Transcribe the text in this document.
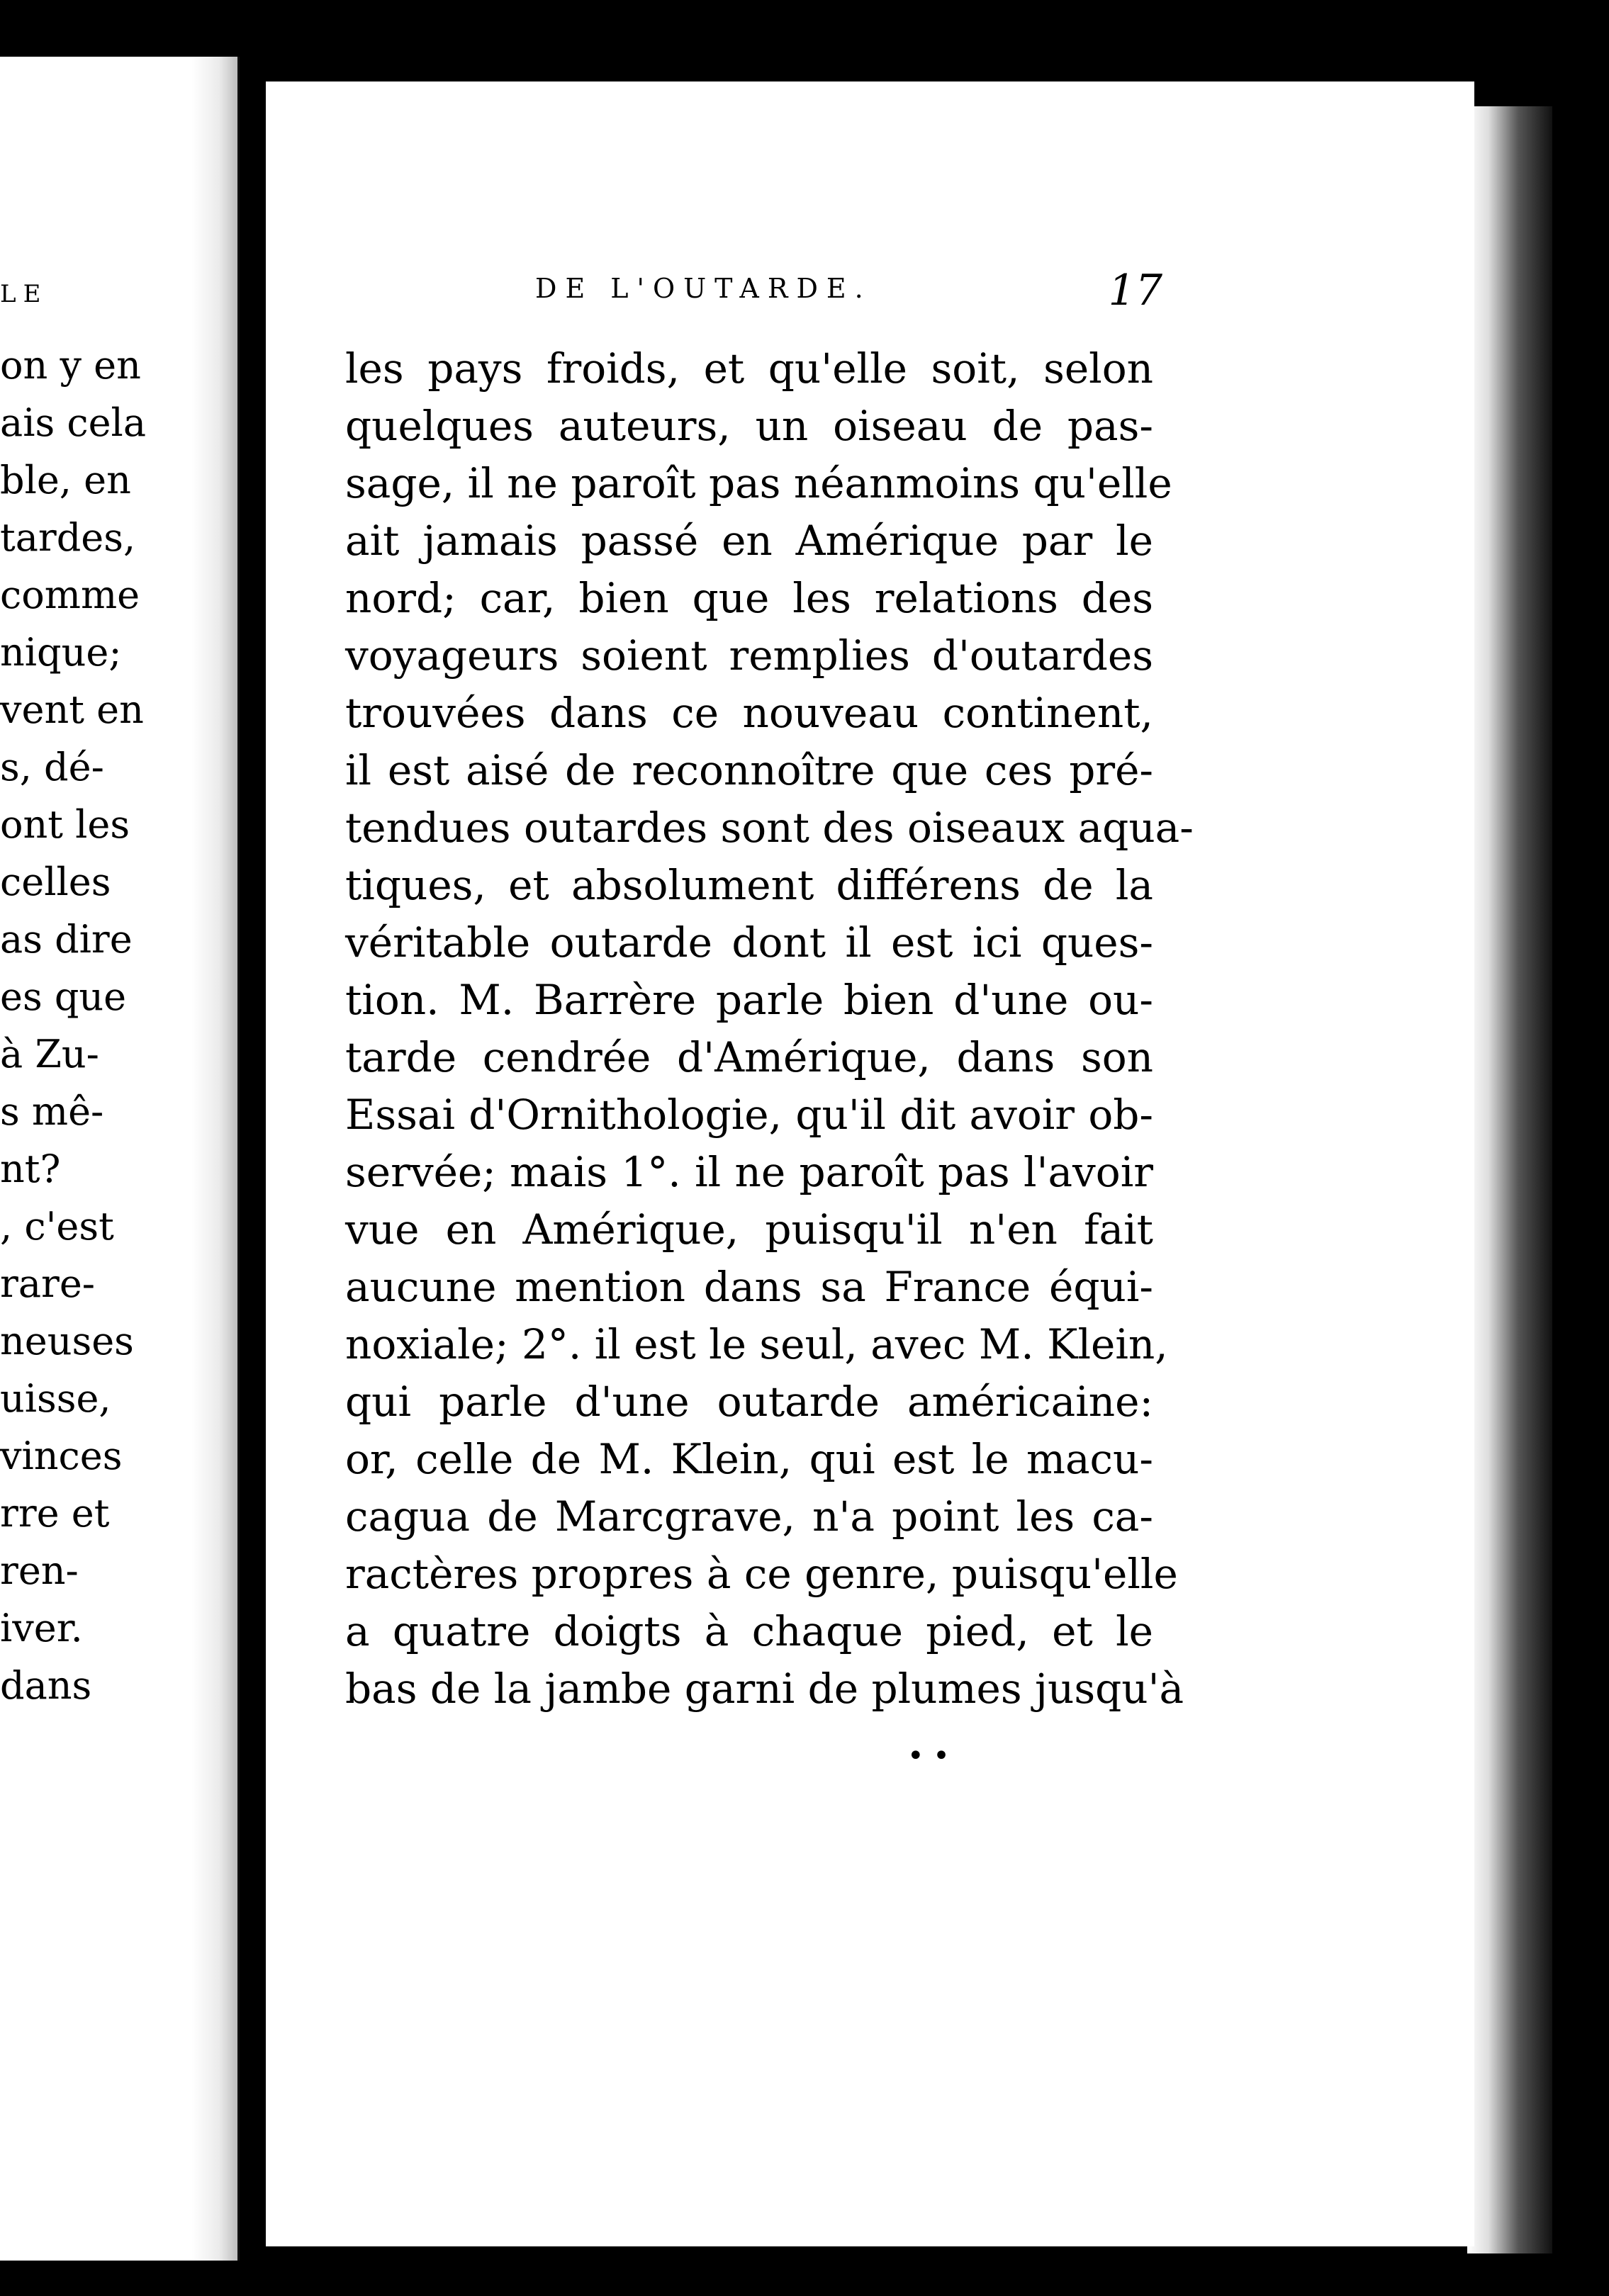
LE
on y en
ais cela
ble, en
tardes,
comme
nique;
vent en
s, dé-
ont les
celles
as dire
es que
à Zu-
s mê-
nt?
, c'est
rare-
neuses
uisse,
vinces
rre et
ren-
iver.
dans
DE L'OUTARDE.	17
les pays froids, et qu'elle soit, selon
quelques auteurs, un oiseau de pas-
sage, il ne paroît pas néanmoins qu'elle
ait jamais passé en Amérique par le
nord; car, bien que les relations des
voyageurs soient remplies d'outardes
trouvées dans ce nouveau continent,
il est aisé de reconnoître que ces pré-
tendues outardes sont des oiseaux aqua-
tiques, et absolument différens de la
véritable outarde dont il est ici ques-
tion. M. Barrère parle bien d'une ou-
tarde cendrée d'Amérique, dans son
Essai d'Ornithologie, qu'il dit avoir ob-
servée; mais 1°. il ne paroît pas l'avoir
vue en Amérique, puisqu'il n'en fait
aucune mention dans sa France équi-
noxiale; 2°. il est le seul, avec M. Klein,
qui parle d'une outarde américaine:
or, celle de M. Klein, qui est le macu-
cagua de Marcgrave, n'a point les ca-
ractères propres à ce genre, puisqu'elle
a quatre doigts à chaque pied, et le
bas de la jambe garni de plumes jusqu'à
• •
